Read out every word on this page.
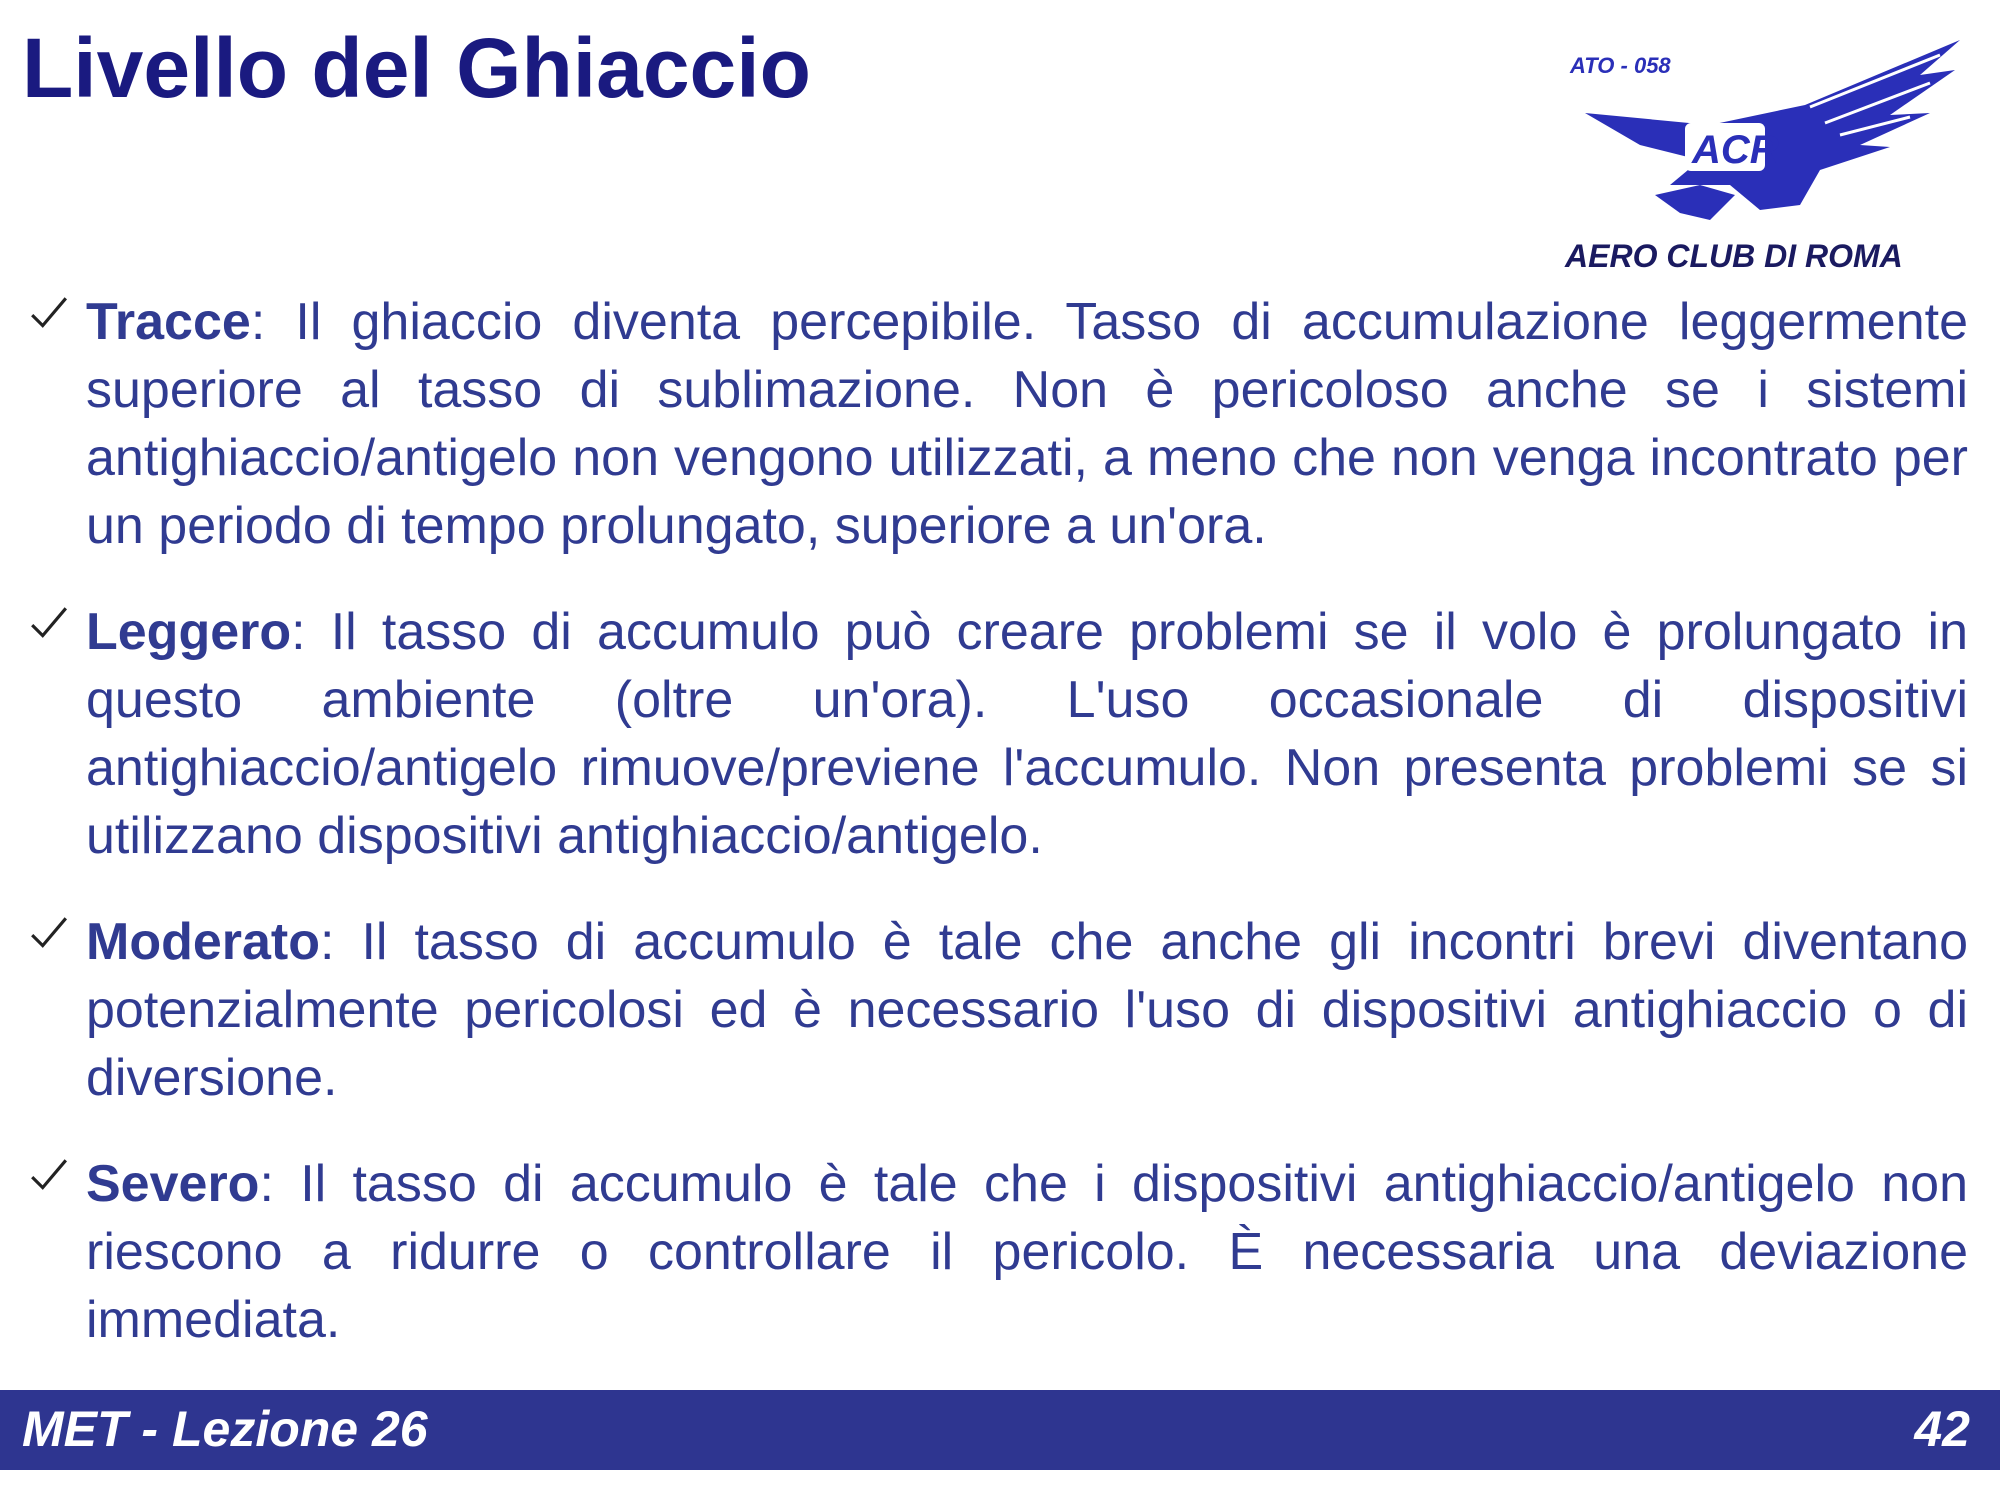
Livello del Ghiaccio	ATO - 058
ACR
AERO CLUB DI ROMA

Tracce: Il ghiaccio diventa percepibile. Tasso di accumulazione leggermente superiore al tasso di sublimazione. Non è pericoloso anche se i sistemi antighiaccio/antigelo non vengono utilizzati, a meno che non venga incontrato per un periodo di tempo prolungato, superiore a un'ora.

Leggero: Il tasso di accumulo può creare problemi se il volo è prolungato in questo ambiente (oltre un'ora). L'uso occasionale di dispositivi antighiaccio/antigelo rimuove/previene l'accumulo. Non presenta problemi se si utilizzano dispositivi antighiaccio/antigelo.

Moderato: Il tasso di accumulo è tale che anche gli incontri brevi diventano potenzialmente pericolosi ed è necessario l'uso di dispositivi antighiaccio o di diversione.

Severo: Il tasso di accumulo è tale che i dispositivi antighiaccio/antigelo non riescono a ridurre o controllare il pericolo. È necessaria una deviazione immediata.

MET - Lezione 26	42
